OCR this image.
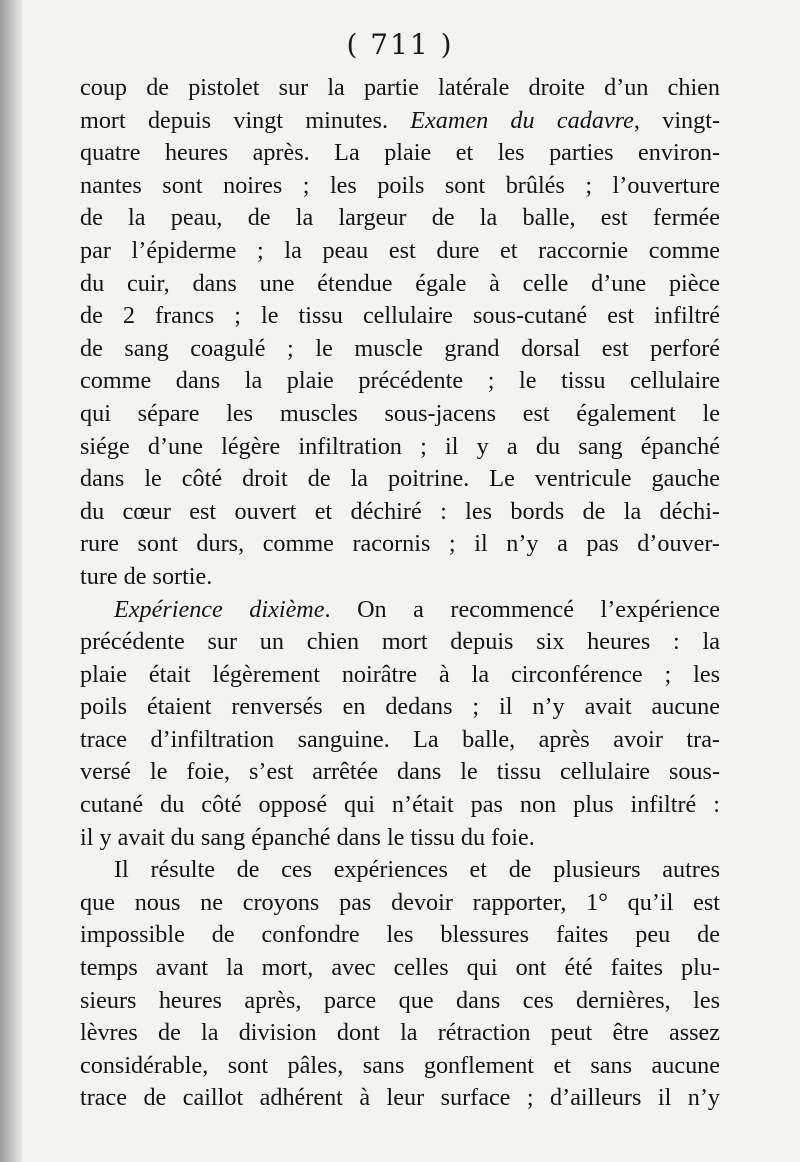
( 711 )
coup de pistolet sur la partie latérale droite d’un chien
mort depuis vingt minutes. Examen du cadavre, vingt-
quatre heures après. La plaie et les parties environ-
nantes sont noires ; les poils sont brûlés ; l’ouverture
de la peau, de la largeur de la balle, est fermée
par l’épiderme ; la peau est dure et raccornie comme
du cuir, dans une étendue égale à celle d’une pièce
de 2 francs ; le tissu cellulaire sous-cutané est infiltré
de sang coagulé ; le muscle grand dorsal est perforé
comme dans la plaie précédente ; le tissu cellulaire
qui sépare les muscles sous-jacens est également le
siége d’une légère infiltration ; il y a du sang épanché
dans le côté droit de la poitrine. Le ventricule gauche
du cœur est ouvert et déchiré : les bords de la déchi-
rure sont durs, comme racornis ; il n’y a pas d’ouver-
ture de sortie.
Expérience dixième. On a recommencé l’expérience
précédente sur un chien mort depuis six heures : la
plaie était légèrement noirâtre à la circonférence ; les
poils étaient renversés en dedans ; il n’y avait aucune
trace d’infiltration sanguine. La balle, après avoir tra-
versé le foie, s’est arrêtée dans le tissu cellulaire sous-
cutané du côté opposé qui n’était pas non plus infiltré :
il y avait du sang épanché dans le tissu du foie.
Il résulte de ces expériences et de plusieurs autres
que nous ne croyons pas devoir rapporter, 1° qu’il est
impossible de confondre les blessures faites peu de
temps avant la mort, avec celles qui ont été faites plu-
sieurs heures après, parce que dans ces dernières, les
lèvres de la division dont la rétraction peut être assez
considérable, sont pâles, sans gonflement et sans aucune
trace de caillot adhérent à leur surface ; d’ailleurs il n’y
